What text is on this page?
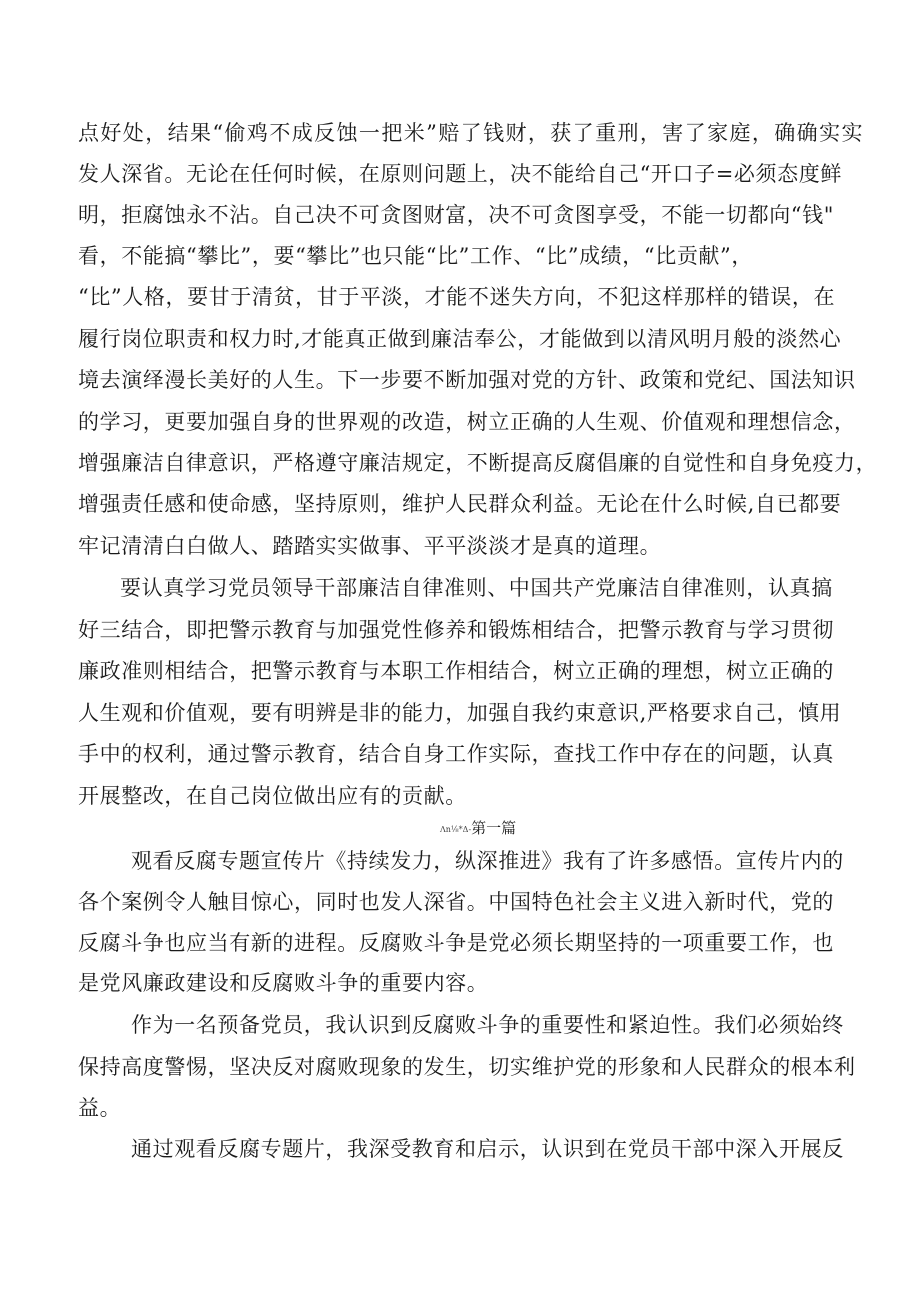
点好处，结果“偷鸡不成反蚀一把米”赔了钱财，获了重刑，害了家庭，确确实实
发人深省。无论在任何时候，在原则问题上，决不能给自己“开口子=必须态度鲜
明，拒腐蚀永不沾。自己决不可贪图财富，决不可贪图享受，不能一切都向“钱"
看，不能搞“攀比”，要“攀比”也只能“比”工作、“比”成绩，“比贡献”，
“比”人格，要甘于清贫，甘于平淡，才能不迷失方向，不犯这样那样的错误，在
履行岗位职责和权力时,才能真正做到廉洁奉公，才能做到以清风明月般的淡然心
境去演绎漫长美好的人生。下一步要不断加强对党的方针、政策和党纪、国法知识
的学习，更要加强自身的世界观的改造，树立正确的人生观、价值观和理想信念，
增强廉洁自律意识，严格遵守廉洁规定，不断提高反腐倡廉的自觉性和自身免疫力，
增强责任感和使命感，坚持原则，维护人民群众利益。无论在什么时候,自已都要
牢记清清白白做人、踏踏实实做事、平平淡淡才是真的道理。
要认真学习党员领导干部廉洁自律准则、中国共产党廉洁自律准则，认真搞
好三结合，即把警示教育与加强党性修养和锻炼相结合，把警示教育与学习贯彻
廉政准则相结合，把警示教育与本职工作相结合，树立正确的理想，树立正确的
人生观和价值观，要有明辨是非的能力，加强自我约束意识,严格要求自己，慎用
手中的权利，通过警示教育，结合自身工作实际，查找工作中存在的问题，认真
开展整改，在自己岗位做出应有的贡献。
Λn⅛*Δ-第一篇
观看反腐专题宣传片《持续发力，纵深推进》我有了许多感悟。宣传片内的
各个案例令人触目惊心，同时也发人深省。中国特色社会主义进入新时代，党的
反腐斗争也应当有新的进程。反腐败斗争是党必须长期坚持的一项重要工作，也
是党风廉政建设和反腐败斗争的重要内容。
作为一名预备党员，我认识到反腐败斗争的重要性和紧迫性。我们必须始终
保持高度警惕，坚决反对腐败现象的发生，切实维护党的形象和人民群众的根本利
益。
通过观看反腐专题片，我深受教育和启示，认识到在党员干部中深入开展反
